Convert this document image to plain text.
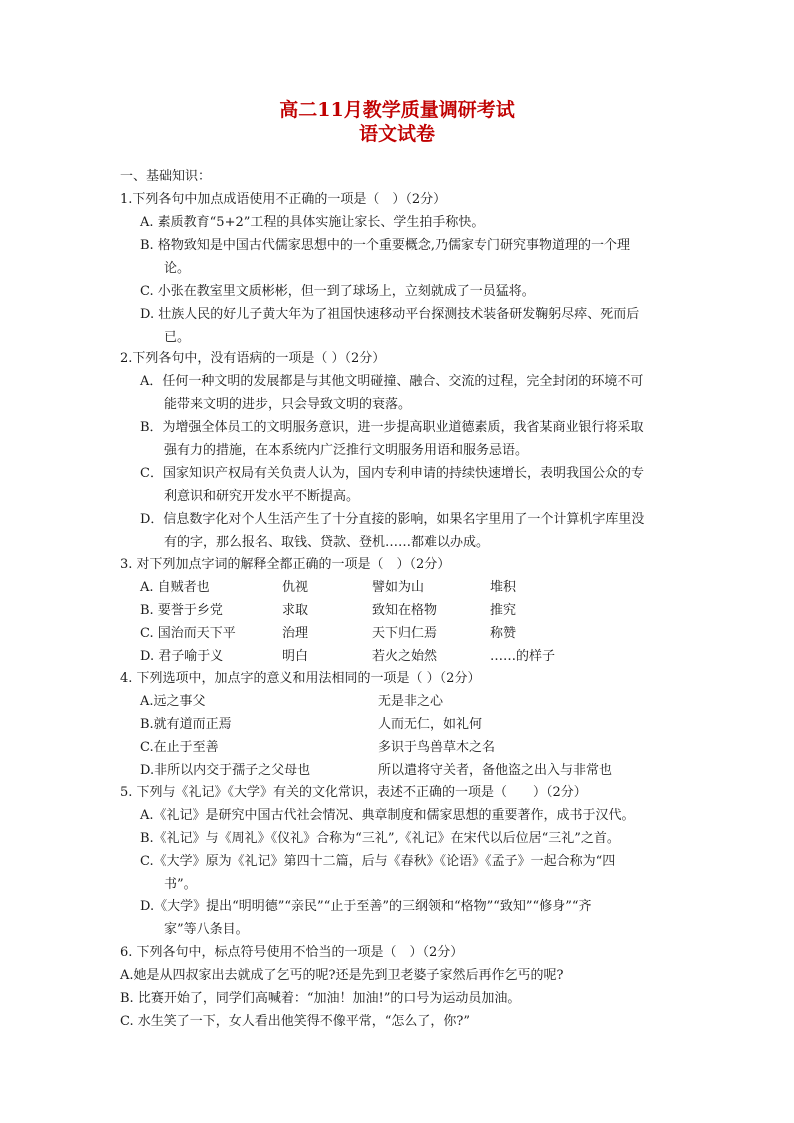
高二11月教学质量调研考试
语文试卷
一、基础知识：
1.下列各句中加点成语使用不正确的一项是（　）（2分）
A. 素质教育“5+2”工程的具体实施让家长、学生拍手称快。
B. 格物致知是中国古代儒家思想中的一个重要概念,乃儒家专门研究事物道理的一个理
论。
C. 小张在教室里文质彬彬，但一到了球场上，立刻就成了一员猛将。
D. 壮族人民的好儿子黄大年为了祖国快速移动平台探测技术装备研发鞠躬尽瘁、死而后
已。
2.下列各句中，没有语病的一项是（ ）（2分）
A．任何一种文明的发展都是与其他文明碰撞、融合、交流的过程，完全封闭的环境不可
能带来文明的进步，只会导致文明的衰落。
B．为增强全体员工的文明服务意识，进一步提高职业道德素质，我省某商业银行将采取
强有力的措施，在本系统内广泛推行文明服务用语和服务忌语。
C．国家知识产权局有关负责人认为，国内专利申请的持续快速增长，表明我国公众的专
利意识和研究开发水平不断提高。
D．信息数字化对个人生活产生了十分直接的影响，如果名字里用了一个计算机字库里没
有的字，那么报名、取钱、贷款、登机……都难以办成。
3. 对下列加点字词的解释全都正确的一项是（　）（2分）
A. 自贼者也	仇视	譬如为山	堆积
B. 要誉于乡党	求取	致知在格物	推究
C. 国治而天下平	治理	天下归仁焉	称赞
D. 君子喻于义	明白	若火之始然	……的样子
4. 下列选项中，加点字的意义和用法相同的一项是（ ）（2分）
A.远之事父	无是非之心
B.就有道而正焉	人而无仁，如礼何
C.在止于至善	多识于鸟兽草木之名
D.非所以内交于孺子之父母也	所以遣将守关者，备他盗之出入与非常也
5. 下列与《礼记》《大学》有关的文化常识，表述不正确的一项是（　　）（2分）
A.《礼记》是研究中国古代社会情况、典章制度和儒家思想的重要著作，成书于汉代。
B.《礼记》与《周礼》《仪礼》合称为“三礼”,《礼记》在宋代以后位居“三礼”之首。
C.《大学》原为《礼记》第四十二篇，后与《春秋》《论语》《孟子》一起合称为“四
书”。
D.《大学》提出“明明德”“亲民”“止于至善”的三纲领和“格物”“致知”“修身”“齐
家”等八条目。
6. 下列各句中，标点符号使用不恰当的一项是（　）（2分）
A.她是从四叔家出去就成了乞丐的呢?还是先到卫老婆子家然后再作乞丐的呢?
B. 比赛开始了，同学们高喊着：“加油！加油!”的口号为运动员加油。
C. 水生笑了一下，女人看出他笑得不像平常，“怎么了，你?”
